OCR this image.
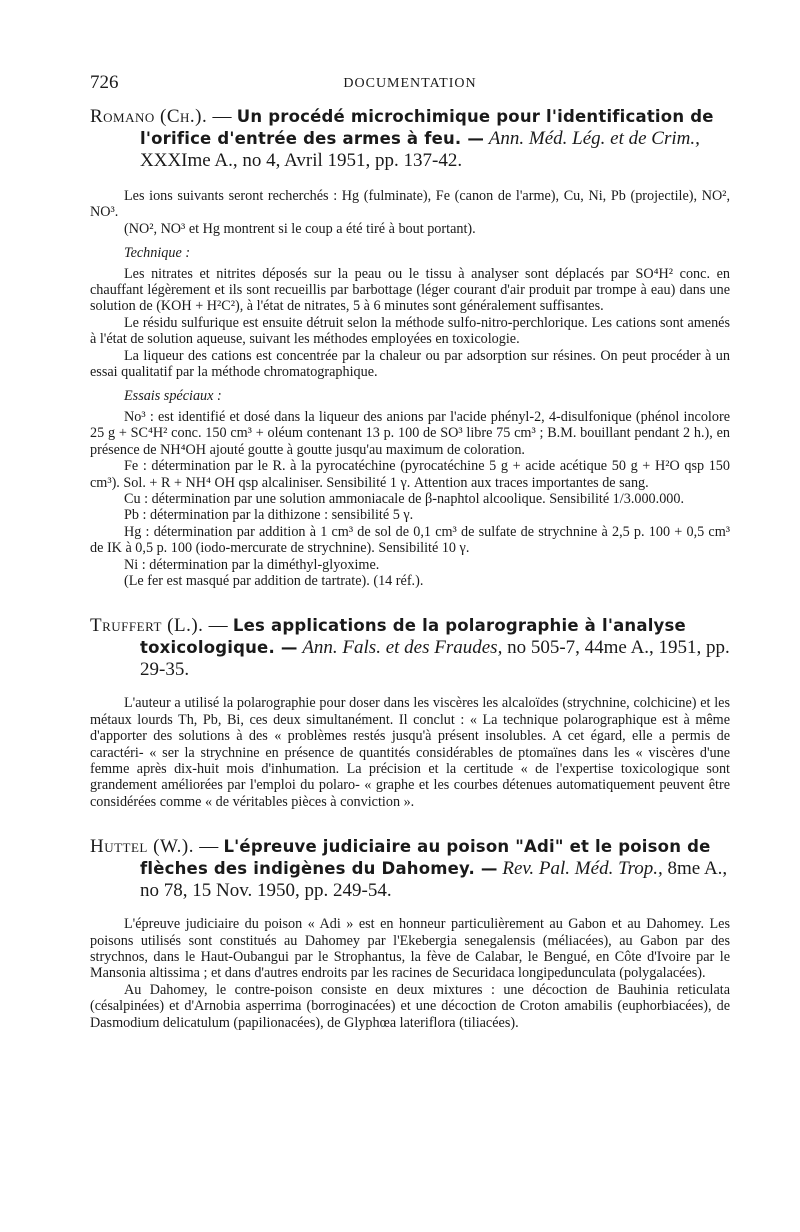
726	DOCUMENTATION
Romano (Ch.). — Un procédé microchimique pour l'identification de l'orifice d'entrée des armes à feu. — Ann. Méd. Lég. et de Crim., XXXIme A., no 4, Avril 1951, pp. 137-42.

Les ions suivants seront recherchés : Hg (fulminate), Fe (canon de l'arme), Cu, Ni, Pb (projectile), NO², NO³.

(NO², NO³ et Hg montrent si le coup a été tiré à bout portant).

Technique :

Les nitrates et nitrites déposés sur la peau ou le tissu à analyser sont déplacés par SO⁴H² conc. en chauffant légèrement et ils sont recueillis par barbottage (léger courant d'air produit par trompe à eau) dans une solution de (KOH + H²C²), à l'état de nitrates, 5 à 6 minutes sont généralement suffisantes.

Le résidu sulfurique est ensuite détruit selon la méthode sulfo-nitro-perchlorique. Les cations sont amenés à l'état de solution aqueuse, suivant les méthodes employées en toxicologie.

La liqueur des cations est concentrée par la chaleur ou par adsorption sur résines. On peut procéder à un essai qualitatif par la méthode chromatographique.

Essais spéciaux :

No³ : est identifié et dosé dans la liqueur des anions par l'acide phényl-2, 4-disulfonique (phénol incolore 25 g + SC⁴H² conc. 150 cm³ + oléum contenant 13 p. 100 de SO³ libre 75 cm³ ; B.M. bouillant pendant 2 h.), en présence de NH⁴OH ajouté goutte à goutte jusqu'au maximum de coloration.

Fe : détermination par le R. à la pyrocatéchine (pyrocatéchine 5 g + acide acétique 50 g + H²O qsp 150 cm³). Sol. + R + NH⁴ OH qsp alcaliniser. Sensibilité 1 γ. Attention aux traces importantes de sang.

Cu : détermination par une solution ammoniacale de β-naphtol alcoolique. Sensibilité 1/3.000.000.

Pb : détermination par la dithizone : sensibilité 5 γ.

Hg : détermination par addition à 1 cm³ de sol de 0,1 cm³ de sulfate de strychnine à 2,5 p. 100 + 0,5 cm³ de IK à 0,5 p. 100 (iodo-mercurate de strychnine). Sensibilité 10 γ.

Ni : détermination par la diméthyl-glyoxime.

(Le fer est masqué par addition de tartrate). (14 réf.).

Truffert (L.). — Les applications de la polarographie à l'analyse toxicologique. — Ann. Fals. et des Fraudes, no 505-7, 44me A., 1951, pp. 29-35.

L'auteur a utilisé la polarographie pour doser dans les viscères les alcaloïdes (strychnine, colchicine) et les métaux lourds Th, Pb, Bi, ces deux simultanément. Il conclut : « La technique polarographique est à même d'apporter des solutions à des « problèmes restés jusqu'à présent insolubles. A cet égard, elle a permis de caractéri- « ser la strychnine en présence de quantités considérables de ptomaïnes dans les « viscères d'une femme après dix-huit mois d'inhumation. La précision et la certitude « de l'expertise toxicologique sont grandement améliorées par l'emploi du polaro- « graphe et les courbes détenues automatiquement peuvent être considérées comme « de véritables pièces à conviction ».

Huttel (W.). — L'épreuve judiciaire au poison "Adi" et le poison de flèches des indigènes du Dahomey. — Rev. Pal. Méd. Trop., 8me A., no 78, 15 Nov. 1950, pp. 249-54.

L'épreuve judiciaire du poison « Adi » est en honneur particulièrement au Gabon et au Dahomey. Les poisons utilisés sont constitués au Dahomey par l'Ekebergia senegalensis (méliacées), au Gabon par des strychnos, dans le Haut-Oubangui par le Strophantus, la fève de Calabar, le Bengué, en Côte d'Ivoire par le Mansonia altissima ; et dans d'autres endroits par les racines de Securidaca longipedunculata (polygalacées).

Au Dahomey, le contre-poison consiste en deux mixtures : une décoction de Bauhinia reticulata (césalpinées) et d'Arnobia asperrima (borroginacées) et une décoction de Croton amabilis (euphorbiacées), de Dasmodium delicatulum (papilionacées), de Glyphœa lateriflora (tiliacées).
